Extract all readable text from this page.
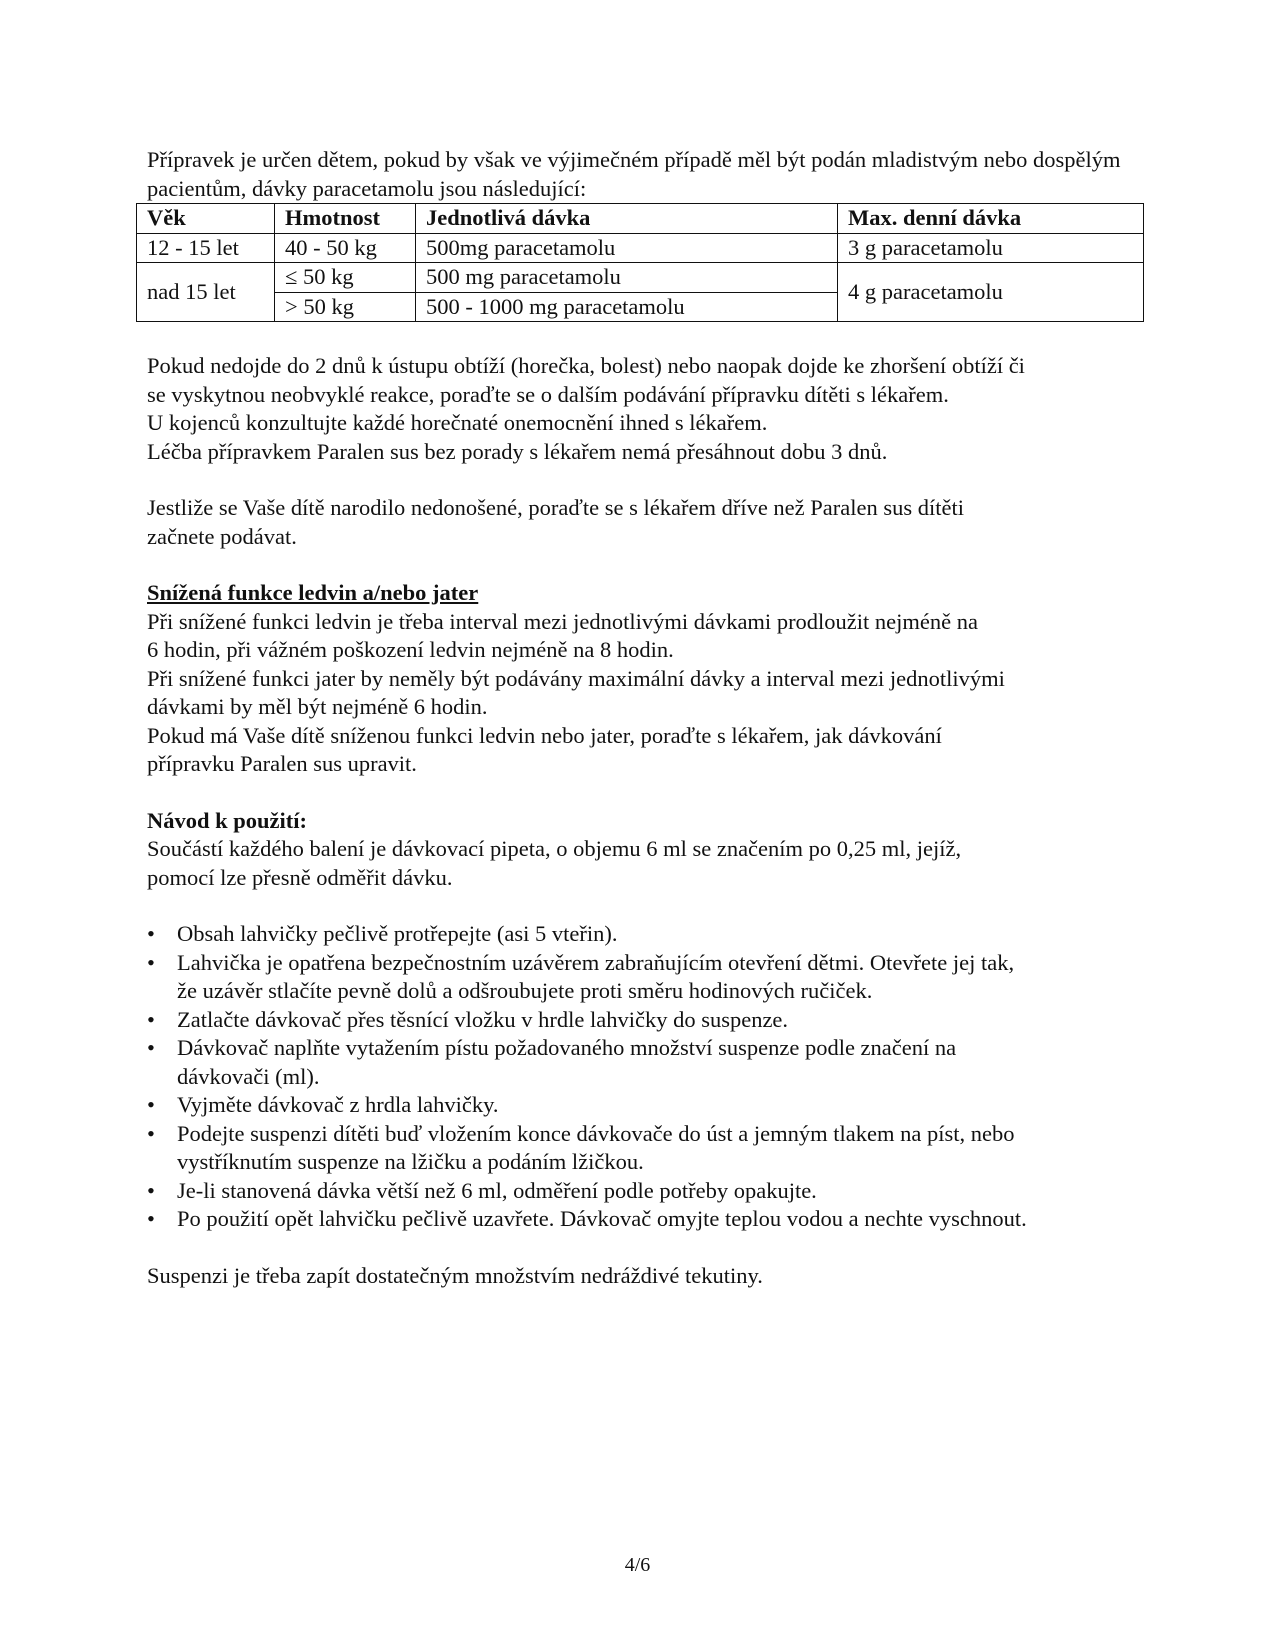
Přípravek je určen dětem, pokud by však ve výjimečném případě měl být podán mladistvým nebo dospělým pacientům, dávky paracetamolu jsou následující:

Věk	Hmotnost	Jednotlivá dávka	Max. denní dávka
12 - 15 let	40 - 50 kg	500mg paracetamolu	3 g paracetamolu
nad 15 let	≤ 50 kg	500 mg paracetamolu	4 g paracetamolu
	> 50 kg	500 - 1000 mg paracetamolu	

Pokud nedojde do 2 dnů k ústupu obtíží (horečka, bolest) nebo naopak dojde ke zhoršení obtíží či

se vyskytnou neobvyklé reakce, poraďte se o dalším podávání přípravku dítěti s lékařem.

U kojenců konzultujte každé horečnaté onemocnění ihned s lékařem.

Léčba přípravkem Paralen sus bez porady s lékařem nemá přesáhnout dobu 3 dnů.

Jestliže se Vaše dítě narodilo nedonošené, poraďte se s lékařem dříve než Paralen sus dítěti

začnete podávat.

Snížená funkce ledvin a/nebo jater

Při snížené funkci ledvin je třeba interval mezi jednotlivými dávkami prodloužit nejméně na

6 hodin, při vážném poškození ledvin nejméně na 8 hodin.

Při snížené funkci jater by neměly být podávány maximální dávky a interval mezi jednotlivými

dávkami by měl být nejméně 6 hodin.

Pokud má Vaše dítě sníženou funkci ledvin nebo jater, poraďte s lékařem, jak dávkování

přípravku Paralen sus upravit.

Návod k použití:

Součástí každého balení je dávkovací pipeta, o objemu 6 ml se značením po 0,25 ml, jejíž,

pomocí lze přesně odměřit dávku.

• Obsah lahvičky pečlivě protřepejte (asi 5 vteřin).
• Lahvička je opatřena bezpečnostním uzávěrem zabraňujícím otevření dětmi. Otevřete jej tak,
že uzávěr stlačíte pevně dolů a odšroubujete proti směru hodinových ručiček.
• Zatlačte dávkovač přes těsnící vložku v hrdle lahvičky do suspenze.
• Dávkovač naplňte vytažením pístu požadovaného množství suspenze podle značení na
dávkovači (ml).
• Vyjměte dávkovač z hrdla lahvičky.
• Podejte suspenzi dítěti buď vložením konce dávkovače do úst a jemným tlakem na píst, nebo
vystříknutím suspenze na lžičku a podáním lžičkou.
• Je-li stanovená dávka větší než 6 ml, odměření podle potřeby opakujte.
• Po použití opět lahvičku pečlivě uzavřete. Dávkovač omyjte teplou vodou a nechte vyschnout.

Suspenzi je třeba zapít dostatečným množstvím nedráždivé tekutiny.

4/6
